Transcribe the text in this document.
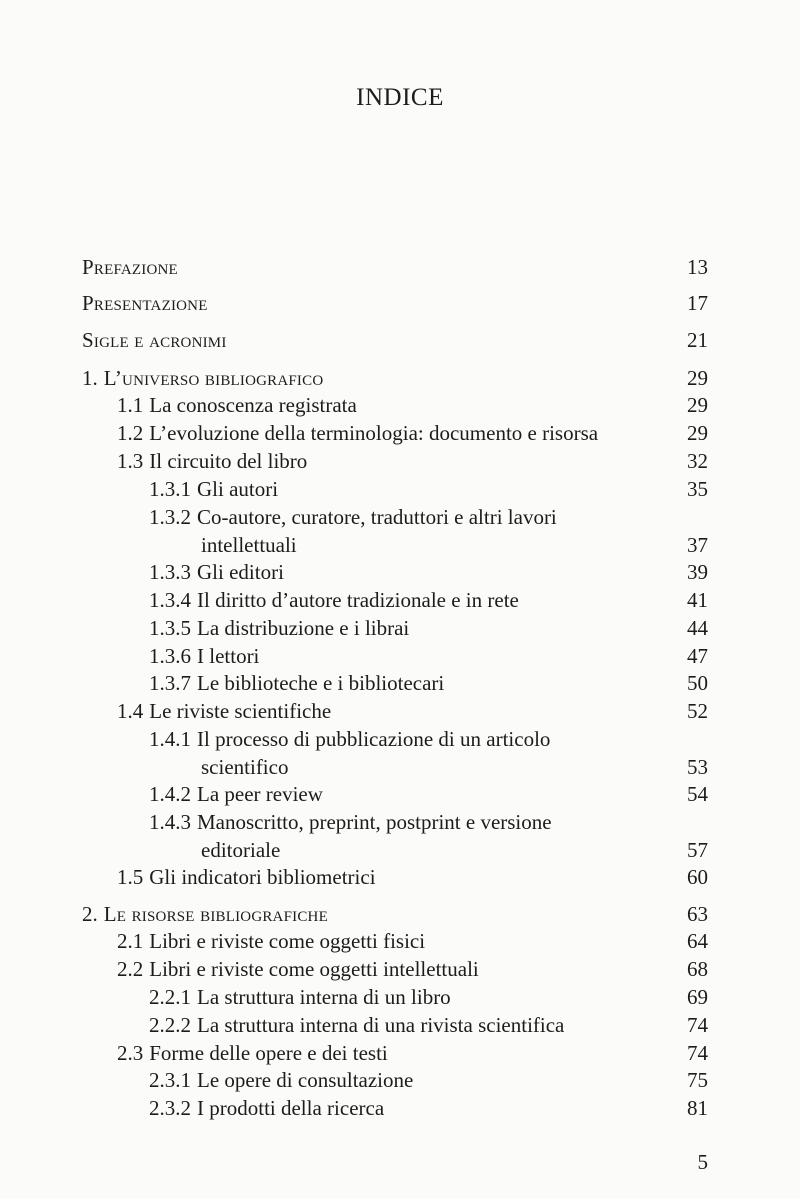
INDICE
Prefazione	13
Presentazione	17
Sigle e acronimi	21
1. L’universo bibliografico	29
1.1 La conoscenza registrata	29
1.2 L’evoluzione della terminologia: documento e risorsa	29
1.3 Il circuito del libro	32
1.3.1 Gli autori	35
1.3.2 Co-autore, curatore, traduttori e altri lavori
intellettuali	37
1.3.3 Gli editori	39
1.3.4 Il diritto d’autore tradizionale e in rete	41
1.3.5 La distribuzione e i librai	44
1.3.6 I lettori	47
1.3.7 Le biblioteche e i bibliotecari	50
1.4 Le riviste scientifiche	52
1.4.1 Il processo di pubblicazione di un articolo
scientifico	53
1.4.2 La peer review	54
1.4.3 Manoscritto, preprint, postprint e versione
editoriale	57
1.5 Gli indicatori bibliometrici	60
2. Le risorse bibliografiche	63
2.1 Libri e riviste come oggetti fisici	64
2.2 Libri e riviste come oggetti intellettuali	68
2.2.1 La struttura interna di un libro	69
2.2.2 La struttura interna di una rivista scientifica	74
2.3 Forme delle opere e dei testi	74
2.3.1 Le opere di consultazione	75
2.3.2 I prodotti della ricerca	81
5
